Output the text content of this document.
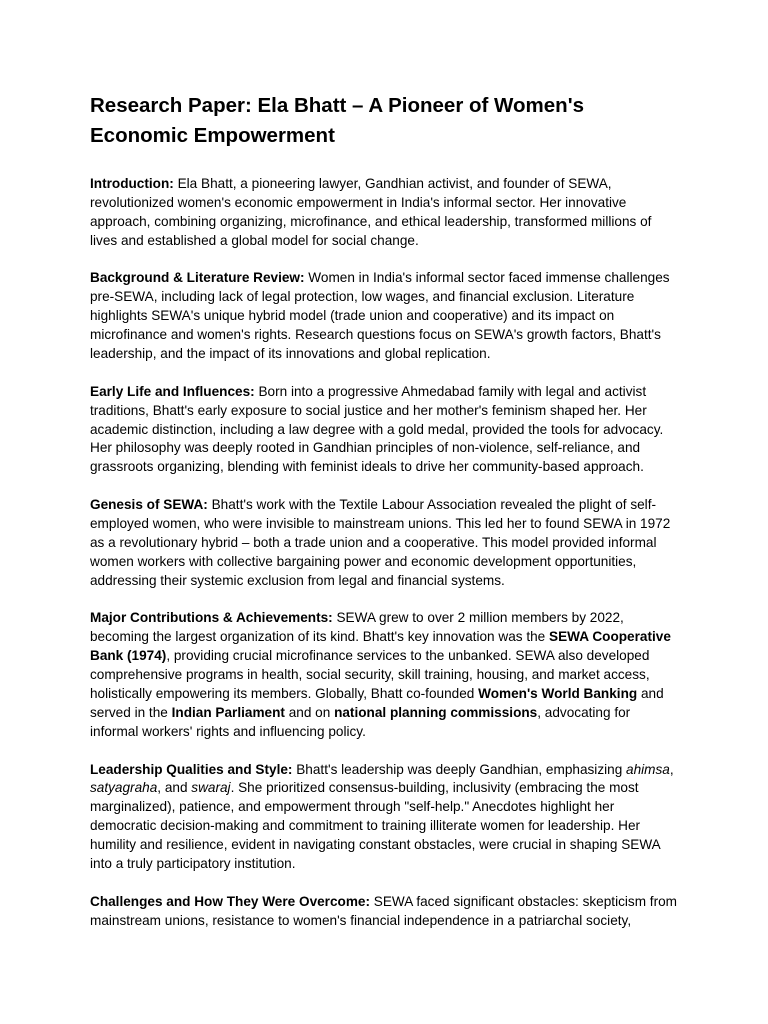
Research Paper: Ela Bhatt – A Pioneer of Women's Economic Empowerment

Introduction: Ela Bhatt, a pioneering lawyer, Gandhian activist, and founder of SEWA, revolutionized women's economic empowerment in India's informal sector. Her innovative approach, combining organizing, microfinance, and ethical leadership, transformed millions of lives and established a global model for social change.

Background & Literature Review: Women in India's informal sector faced immense challenges pre-SEWA, including lack of legal protection, low wages, and financial exclusion. Literature highlights SEWA's unique hybrid model (trade union and cooperative) and its impact on microfinance and women's rights. Research questions focus on SEWA's growth factors, Bhatt's leadership, and the impact of its innovations and global replication.

Early Life and Influences: Born into a progressive Ahmedabad family with legal and activist traditions, Bhatt's early exposure to social justice and her mother's feminism shaped her. Her academic distinction, including a law degree with a gold medal, provided the tools for advocacy. Her philosophy was deeply rooted in Gandhian principles of non-violence, self-reliance, and grassroots organizing, blending with feminist ideals to drive her community-based approach.

Genesis of SEWA: Bhatt's work with the Textile Labour Association revealed the plight of self-employed women, who were invisible to mainstream unions. This led her to found SEWA in 1972 as a revolutionary hybrid – both a trade union and a cooperative. This model provided informal women workers with collective bargaining power and economic development opportunities, addressing their systemic exclusion from legal and financial systems.

Major Contributions & Achievements: SEWA grew to over 2 million members by 2022, becoming the largest organization of its kind. Bhatt's key innovation was the SEWA Cooperative Bank (1974), providing crucial microfinance services to the unbanked. SEWA also developed comprehensive programs in health, social security, skill training, housing, and market access, holistically empowering its members. Globally, Bhatt co-founded Women's World Banking and served in the Indian Parliament and on national planning commissions, advocating for informal workers' rights and influencing policy.

Leadership Qualities and Style: Bhatt's leadership was deeply Gandhian, emphasizing ahimsa, satyagraha, and swaraj. She prioritized consensus-building, inclusivity (embracing the most marginalized), patience, and empowerment through "self-help." Anecdotes highlight her democratic decision-making and commitment to training illiterate women for leadership. Her humility and resilience, evident in navigating constant obstacles, were crucial in shaping SEWA into a truly participatory institution.

Challenges and How They Were Overcome: SEWA faced significant obstacles: skepticism from mainstream unions, resistance to women's financial independence in a patriarchal society,
